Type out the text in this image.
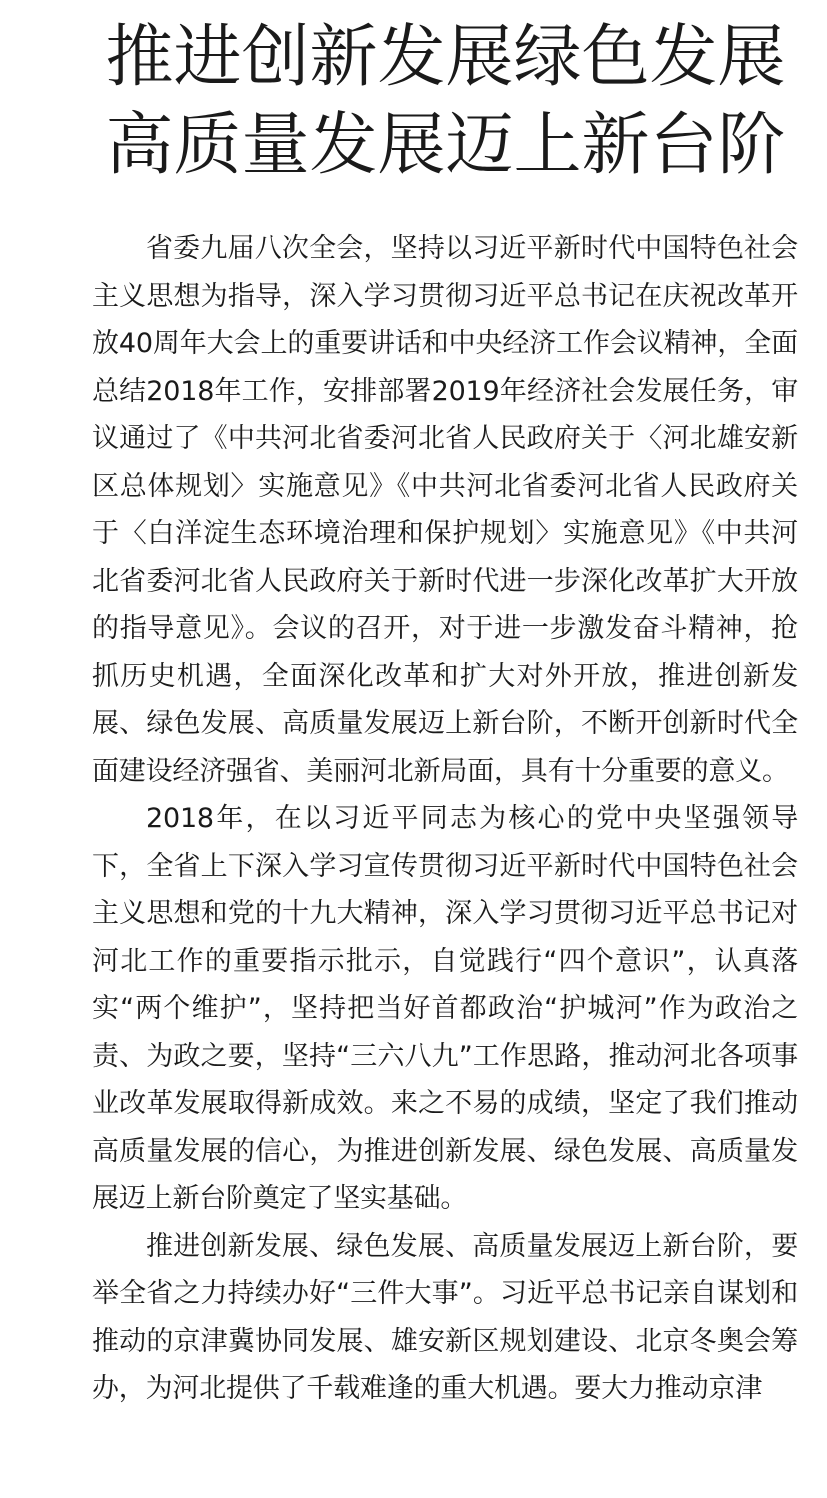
推进创新发展绿色发展
高质量发展迈上新台阶

省委九届八次全会，坚持以习近平新时代中国特色社会主义思想为指导，深入学习贯彻习近平总书记在庆祝改革开放40周年大会上的重要讲话和中央经济工作会议精神，全面总结2018年工作，安排部署2019年经济社会发展任务，审议通过了《中共河北省委河北省人民政府关于〈河北雄安新区总体规划〉实施意见》《中共河北省委河北省人民政府关于〈白洋淀生态环境治理和保护规划〉实施意见》《中共河北省委河北省人民政府关于新时代进一步深化改革扩大开放的指导意见》。会议的召开，对于进一步激发奋斗精神，抢抓历史机遇，全面深化改革和扩大对外开放，推进创新发展、绿色发展、高质量发展迈上新台阶，不断开创新时代全面建设经济强省、美丽河北新局面，具有十分重要的意义。

2018年，在以习近平同志为核心的党中央坚强领导下，全省上下深入学习宣传贯彻习近平新时代中国特色社会主义思想和党的十九大精神，深入学习贯彻习近平总书记对河北工作的重要指示批示，自觉践行“四个意识”，认真落实“两个维护”，坚持把当好首都政治“护城河”作为政治之责、为政之要，坚持“三六八九”工作思路，推动河北各项事业改革发展取得新成效。来之不易的成绩，坚定了我们推动高质量发展的信心，为推进创新发展、绿色发展、高质量发展迈上新台阶奠定了坚实基础。

推进创新发展、绿色发展、高质量发展迈上新台阶，要举全省之力持续办好“三件大事”。习近平总书记亲自谋划和推动的京津冀协同发展、雄安新区规划建设、北京冬奥会筹办，为河北提供了千载难逢的重大机遇。要大力推动京津
